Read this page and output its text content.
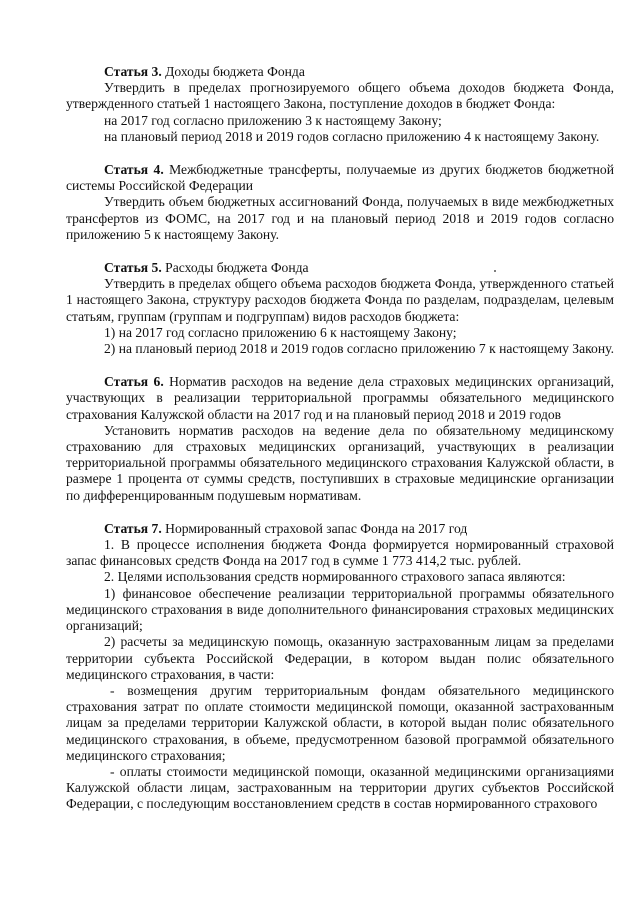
Статья 3. Доходы бюджета Фонда

Утвердить в пределах прогнозируемого общего объема доходов бюджета Фонда, утвержденного статьей 1 настоящего Закона, поступление доходов в бюджет Фонда:

на 2017 год согласно приложению 3 к настоящему Закону;

на плановый период 2018 и 2019 годов согласно приложению 4 к настоящему Закону.

Статья 4. Межбюджетные трансферты, получаемые из других бюджетов бюджетной системы Российской Федерации

Утвердить объем бюджетных ассигнований Фонда, получаемых в виде межбюджетных трансфертов из ФОМС, на 2017 год и на плановый период 2018 и 2019 годов согласно приложению 5 к настоящему Закону.

Статья 5. Расходы бюджета Фонда

Утвердить в пределах общего объема расходов бюджета Фонда, утвержденного статьей 1 настоящего Закона, структуру расходов бюджета Фонда по разделам, подразделам, целевым статьям, группам (группам и подгруппам) видов расходов бюджета:

1) на 2017 год согласно приложению 6 к настоящему Закону;

2) на плановый период 2018 и 2019 годов согласно приложению 7 к настоящему Закону.

Статья 6. Норматив расходов на ведение дела страховых медицинских организаций, участвующих в реализации территориальной программы обязательного медицинского страхования Калужской области на 2017 год и на плановый период 2018 и 2019 годов

Установить норматив расходов на ведение дела по обязательному медицинскому страхованию для страховых медицинских организаций, участвующих в реализации территориальной программы обязательного медицинского страхования Калужской области, в размере 1 процента от суммы средств, поступивших в страховые медицинские организации по дифференцированным подушевым нормативам.

Статья 7. Нормированный страховой запас Фонда на 2017 год

1. В процессе исполнения бюджета Фонда формируется нормированный страховой запас финансовых средств Фонда на 2017 год в сумме 1 773 414,2 тыс. рублей.

2. Целями использования средств нормированного страхового запаса являются:

1) финансовое обеспечение реализации территориальной программы обязательного медицинского страхования в виде дополнительного финансирования страховых медицинских организаций;

2) расчеты за медицинскую помощь, оказанную застрахованным лицам за пределами территории субъекта Российской Федерации, в котором выдан полис обязательного медицинского страхования, в части:

- возмещения другим территориальным фондам обязательного медицинского страхования затрат по оплате стоимости медицинской помощи, оказанной застрахованным лицам за пределами территории Калужской области, в которой выдан полис обязательного медицинского страхования, в объеме, предусмотренном базовой программой обязательного медицинского страхования;

- оплаты стоимости медицинской помощи, оказанной медицинскими организациями Калужской области лицам, застрахованным на территории других субъектов Российской Федерации, с последующим восстановлением средств в состав нормированного страхового
